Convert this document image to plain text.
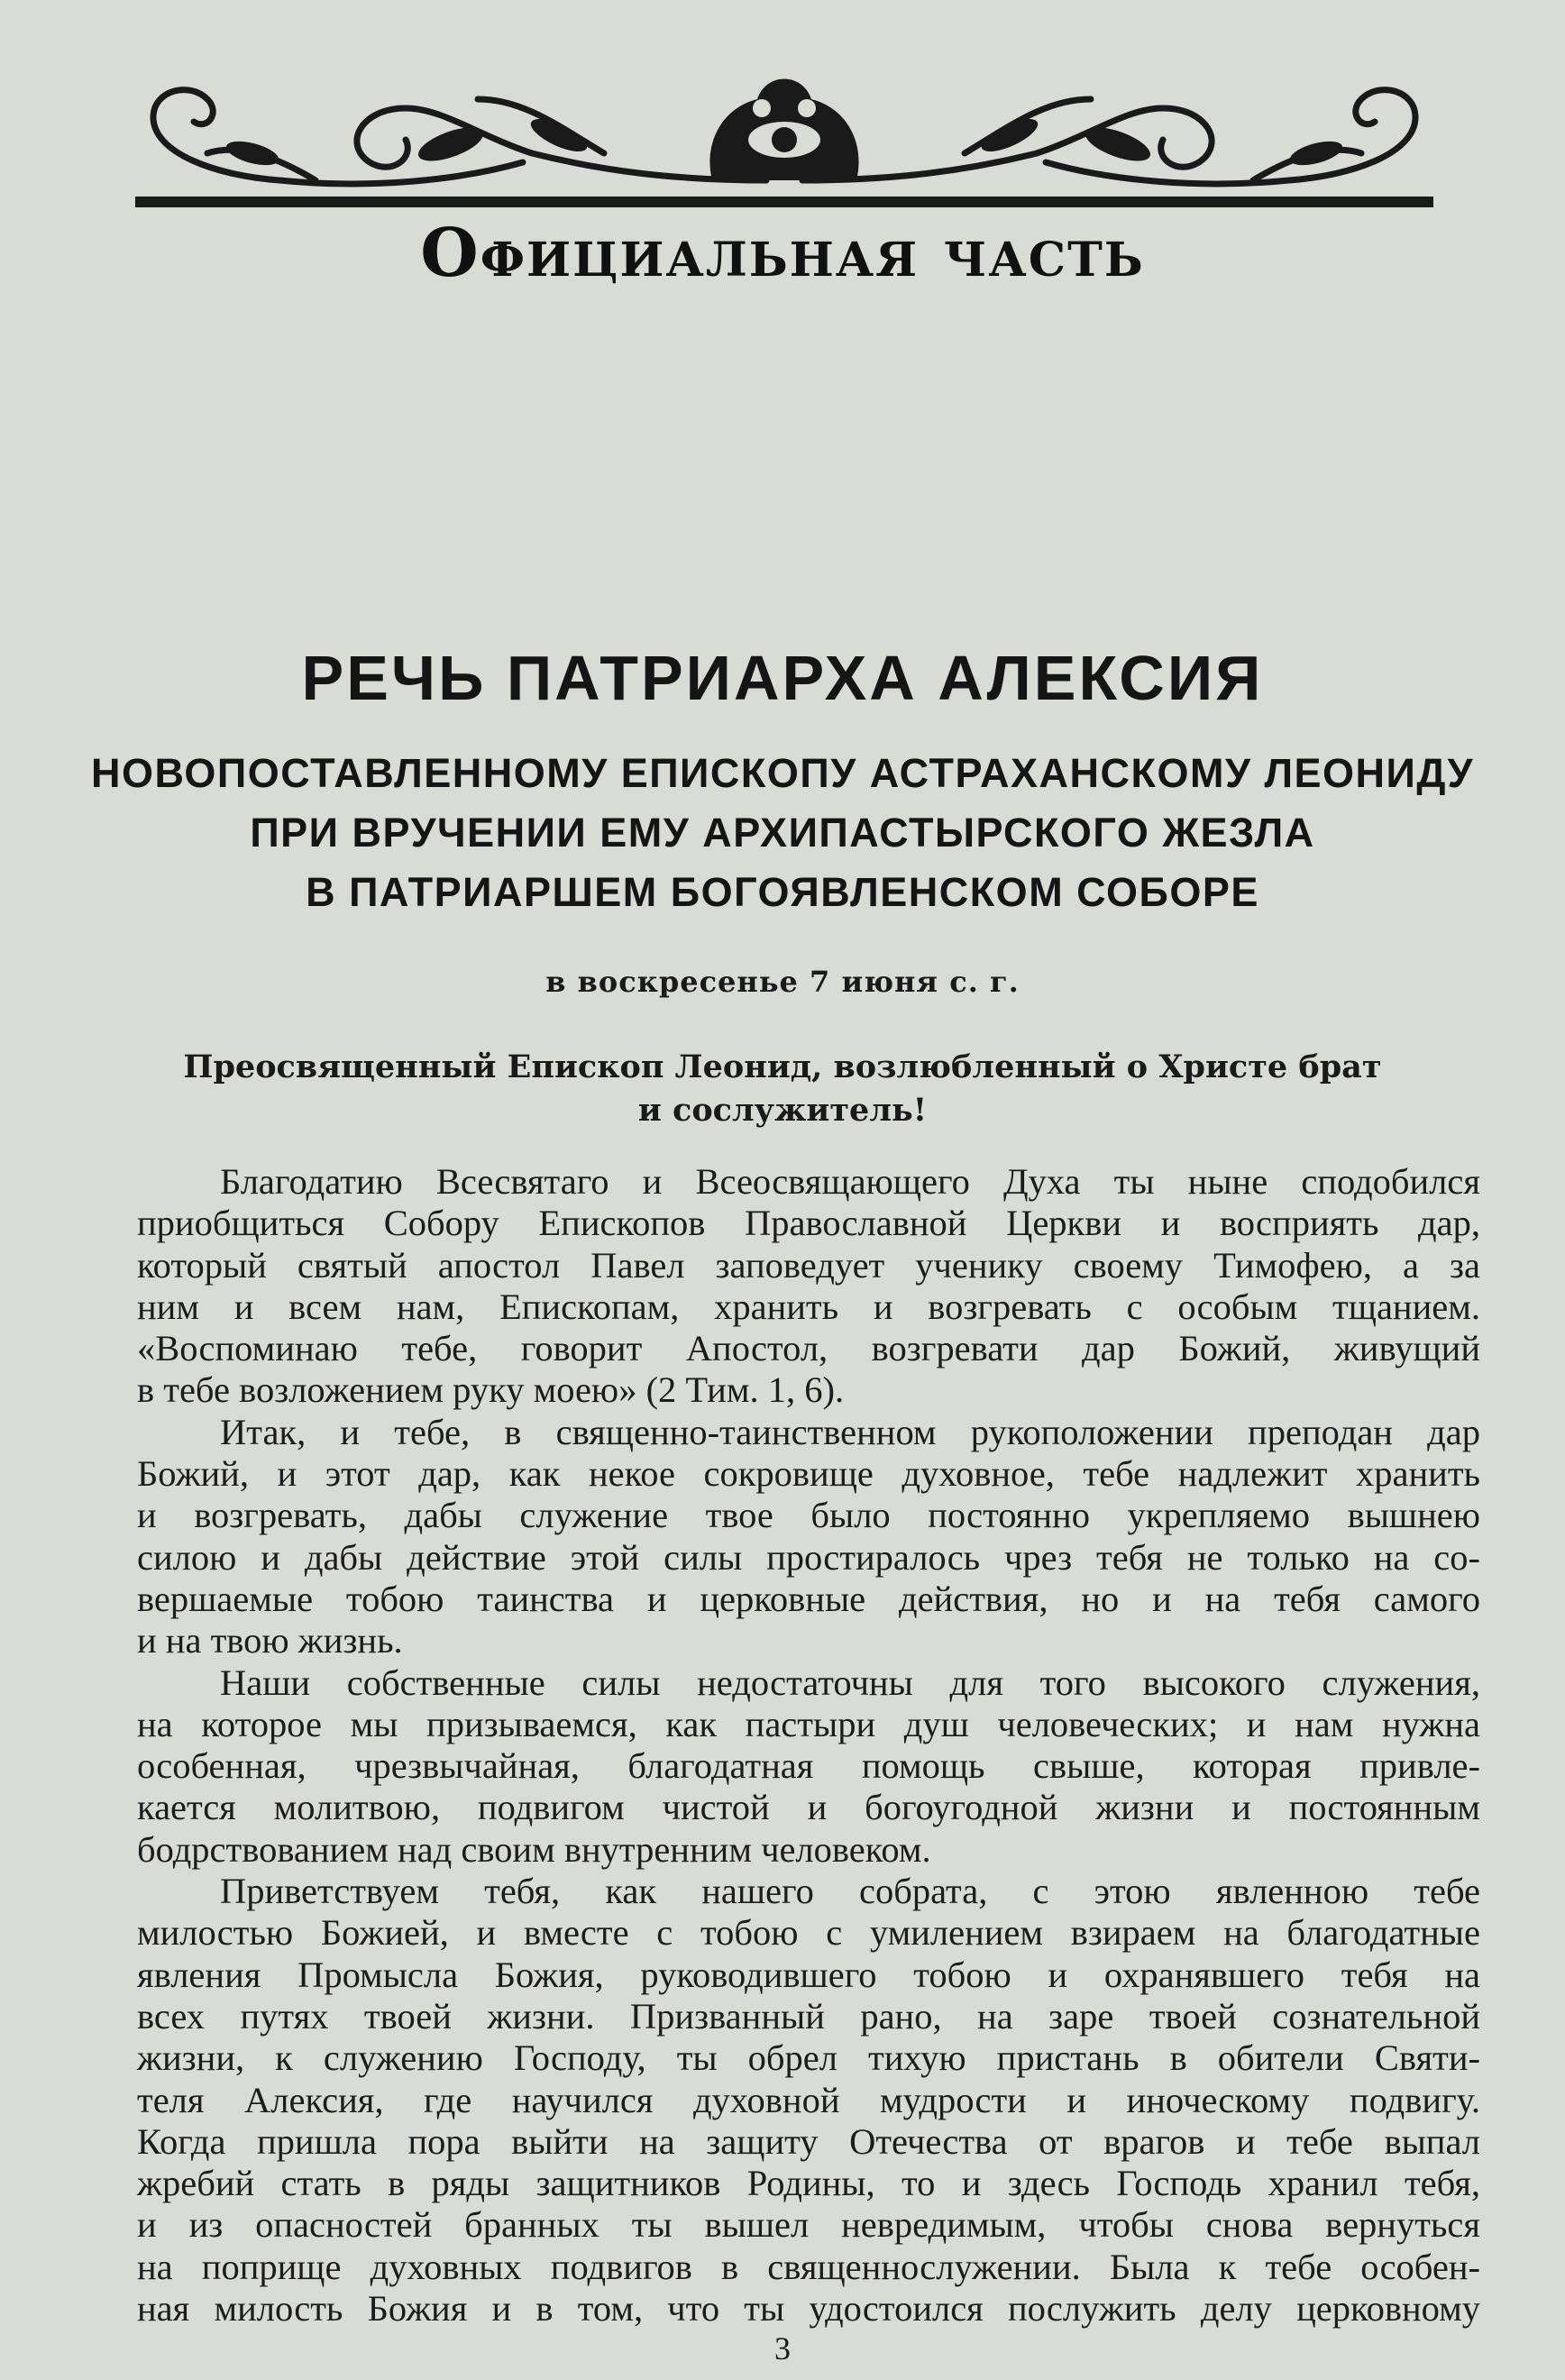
Официальная часть
РЕЧЬ ПАТРИАРХА АЛЕКСИЯ
НОВОПОСТАВЛЕННОМУ ЕПИСКОПУ АСТРАХАНСКОМУ ЛЕОНИДУ
ПРИ ВРУЧЕНИИ ЕМУ АРХИПАСТЫРСКОГО ЖЕЗЛА
В ПАТРИАРШЕМ БОГОЯВЛЕНСКОМ СОБОРЕ
в воскресенье 7 июня с. г.
Преосвященный Епископ Леонид, возлюбленный о Христе брат
и сослужитель!
Благодатию Всесвятаго и Всеосвящающего Духа ты ныне сподобился
приобщиться Собору Епископов Православной Церкви и восприять дар,
который святый апостол Павел заповедует ученику своему Тимофею, а за
ним и всем нам, Епископам, хранить и возгревать с особым тщанием.
«Воспоминаю тебе, говорит Апостол, возгревати дар Божий, живущий
в тебе возложением руку моею» (2 Тим. 1, 6).
Итак, и тебе, в священно-таинственном рукоположении преподан дар
Божий, и этот дар, как некое сокровище духовное, тебе надлежит хранить
и возгревать, дабы служение твое было постоянно укрепляемо вышнею
силою и дабы действие этой силы простиралось чрез тебя не только на со-
вершаемые тобою таинства и церковные действия, но и на тебя самого
и на твою жизнь.
Наши собственные силы недостаточны для того высокого служения,
на которое мы призываемся, как пастыри душ человеческих; и нам нужна
особенная, чрезвычайная, благодатная помощь свыше, которая привле-
кается молитвою, подвигом чистой и богоугодной жизни и постоянным
бодрствованием над своим внутренним человеком.
Приветствуем тебя, как нашего собрата, с этою явленною тебе
милостью Божией, и вместе с тобою с умилением взираем на благодатные
явления Промысла Божия, руководившего тобою и охранявшего тебя на
всех путях твоей жизни. Призванный рано, на заре твоей сознательной
жизни, к служению Господу, ты обрел тихую пристань в обители Святи-
теля Алексия, где научился духовной мудрости и иноческому подвигу.
Когда пришла пора выйти на защиту Отечества от врагов и тебе выпал
жребий стать в ряды защитников Родины, то и здесь Господь хранил тебя,
и из опасностей бранных ты вышел невредимым, чтобы снова вернуться
на поприще духовных подвигов в священнослужении. Была к тебе особен-
ная милость Божия и в том, что ты удостоился послужить делу церковному
3
